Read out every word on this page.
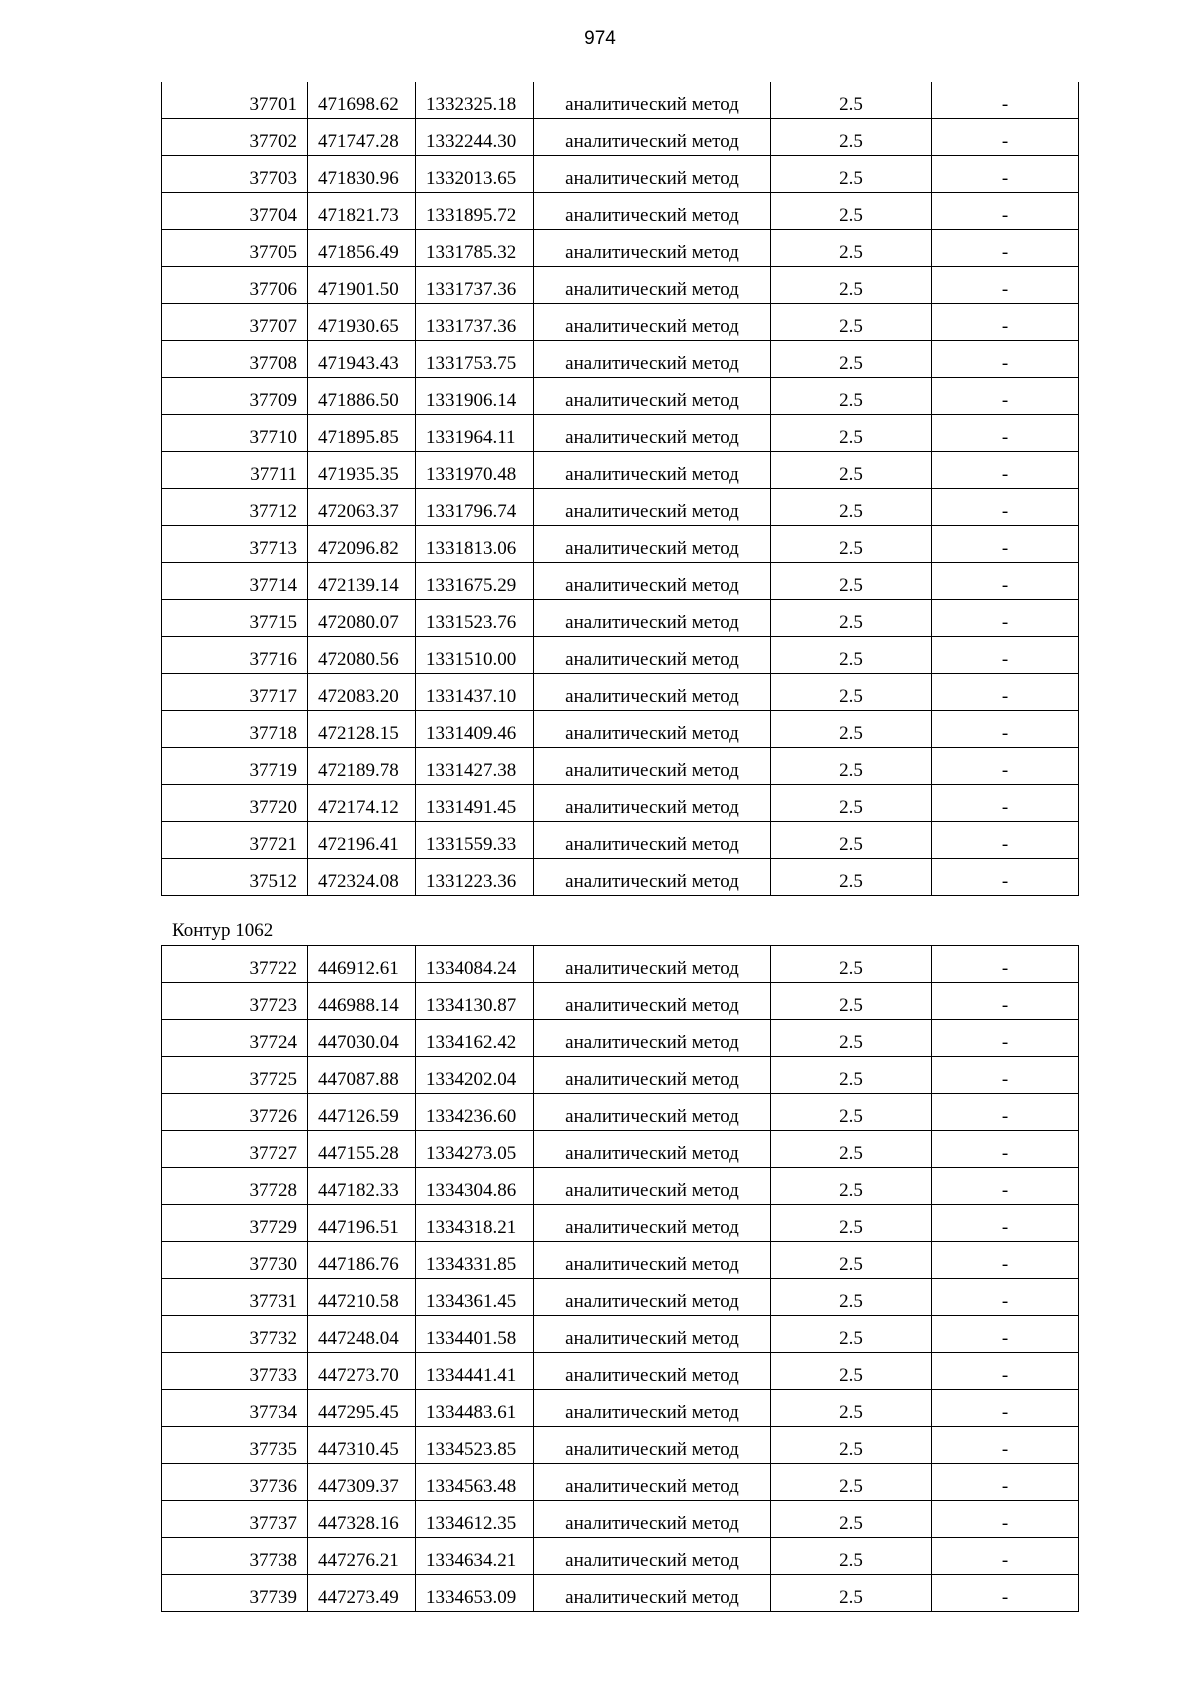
974
37701	471698.62	1332325.18	аналитический метод	2.5	-
37702	471747.28	1332244.30	аналитический метод	2.5	-
37703	471830.96	1332013.65	аналитический метод	2.5	-
37704	471821.73	1331895.72	аналитический метод	2.5	-
37705	471856.49	1331785.32	аналитический метод	2.5	-
37706	471901.50	1331737.36	аналитический метод	2.5	-
37707	471930.65	1331737.36	аналитический метод	2.5	-
37708	471943.43	1331753.75	аналитический метод	2.5	-
37709	471886.50	1331906.14	аналитический метод	2.5	-
37710	471895.85	1331964.11	аналитический метод	2.5	-
37711	471935.35	1331970.48	аналитический метод	2.5	-
37712	472063.37	1331796.74	аналитический метод	2.5	-
37713	472096.82	1331813.06	аналитический метод	2.5	-
37714	472139.14	1331675.29	аналитический метод	2.5	-
37715	472080.07	1331523.76	аналитический метод	2.5	-
37716	472080.56	1331510.00	аналитический метод	2.5	-
37717	472083.20	1331437.10	аналитический метод	2.5	-
37718	472128.15	1331409.46	аналитический метод	2.5	-
37719	472189.78	1331427.38	аналитический метод	2.5	-
37720	472174.12	1331491.45	аналитический метод	2.5	-
37721	472196.41	1331559.33	аналитический метод	2.5	-
37512	472324.08	1331223.36	аналитический метод	2.5	-
Контур 1062
37722	446912.61	1334084.24	аналитический метод	2.5	-
37723	446988.14	1334130.87	аналитический метод	2.5	-
37724	447030.04	1334162.42	аналитический метод	2.5	-
37725	447087.88	1334202.04	аналитический метод	2.5	-
37726	447126.59	1334236.60	аналитический метод	2.5	-
37727	447155.28	1334273.05	аналитический метод	2.5	-
37728	447182.33	1334304.86	аналитический метод	2.5	-
37729	447196.51	1334318.21	аналитический метод	2.5	-
37730	447186.76	1334331.85	аналитический метод	2.5	-
37731	447210.58	1334361.45	аналитический метод	2.5	-
37732	447248.04	1334401.58	аналитический метод	2.5	-
37733	447273.70	1334441.41	аналитический метод	2.5	-
37734	447295.45	1334483.61	аналитический метод	2.5	-
37735	447310.45	1334523.85	аналитический метод	2.5	-
37736	447309.37	1334563.48	аналитический метод	2.5	-
37737	447328.16	1334612.35	аналитический метод	2.5	-
37738	447276.21	1334634.21	аналитический метод	2.5	-
37739	447273.49	1334653.09	аналитический метод	2.5	-
